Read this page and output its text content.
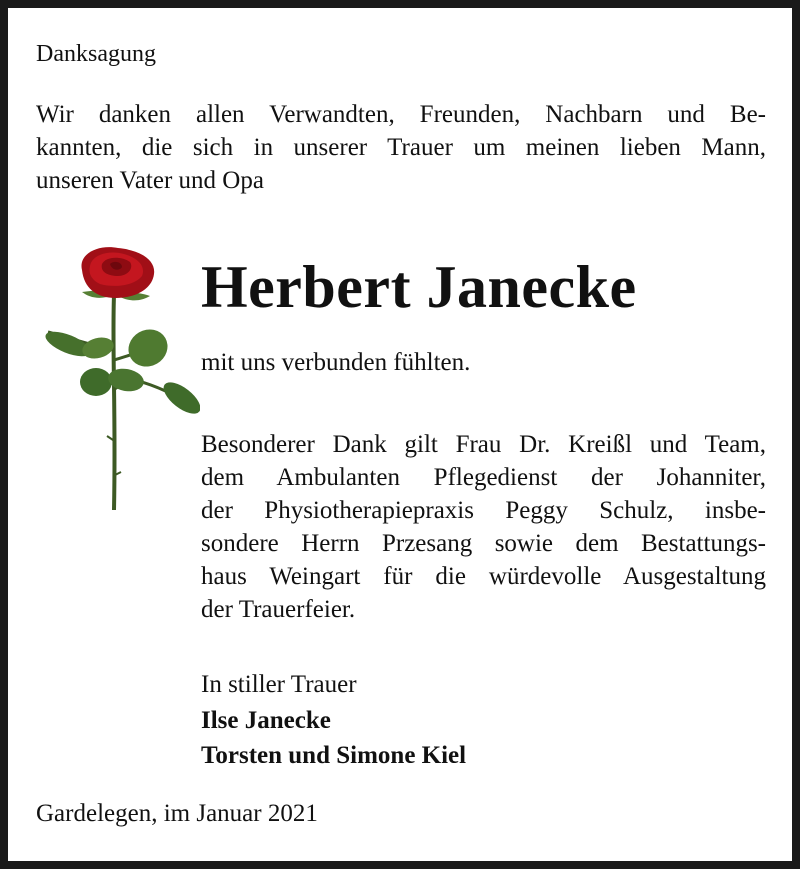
Danksagung

Wir danken allen Verwandten, Freunden, Nachbarn und Be-
kannten, die sich in unserer Trauer um meinen lieben Mann,
unseren Vater und Opa

Herbert Janecke

mit uns verbunden fühlten.

Besonderer Dank gilt Frau Dr. Kreißl und Team,
dem Ambulanten Pflegedienst der Johanniter,
der Physiotherapiepraxis Peggy Schulz, insbe-
sondere Herrn Przesang sowie dem Bestattungs-
haus Weingart für die würdevolle Ausgestaltung
der Trauerfeier.

In stiller Trauer

Ilse Janecke

Torsten und Simone Kiel

Gardelegen, im Januar 2021
